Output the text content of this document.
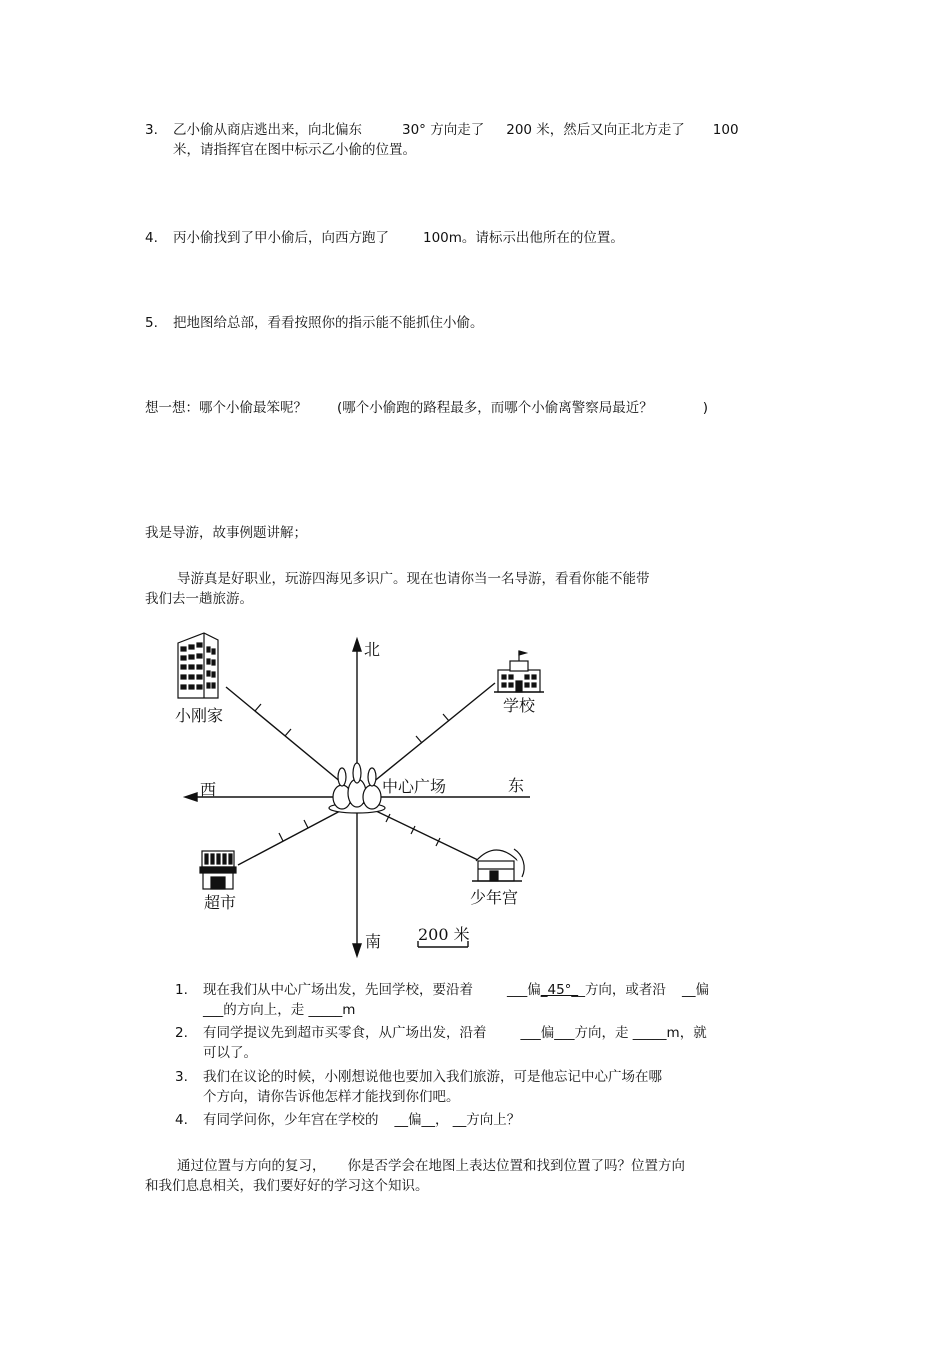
3. 乙小偷从商店逃出来，向北偏东	30° 方向走了 200 米，然后又向正北方走了 100
米，请指挥官在图中标示乙小偷的位置。
4. 丙小偷找到了甲小偷后，向西方跑了	100m。请标示出他所在的位置。
5. 把地图给总部，看看按照你的指示能不能抓住小偷。
想一想：哪个小偷最笨呢？ (哪个小偷跑的路程最多，而哪个小偷离警察局最近？	)
我是导游，故事例题讲解；
导游真是好职业，玩游四海见多识广。现在也请你当一名导游，看看你能不能带
我们去一趟旅游。
北
南
东
西	中心广场
小刚家
学校
超市	少年宫
200 米
1. 现在我们从中心广场出发，先回学校，要沿着	___偏_45°__方向，或者沿 __偏
___的方向上，走 _____m
2. 有同学提议先到超市买零食，从广场出发，沿着	___偏___方向，走 _____m，就
可以了。
3. 我们在议论的时候，小刚想说他也要加入我们旅游，可是他忘记中心广场在哪
个方向，请你告诉他怎样才能找到你们吧。
4. 有同学问你，少年宫在学校的 __偏__， __方向上？
通过位置与方向的复习， 你是否学会在地图上表达位置和找到位置了吗？位置方向
和我们息息相关，我们要好好的学习这个知识。
